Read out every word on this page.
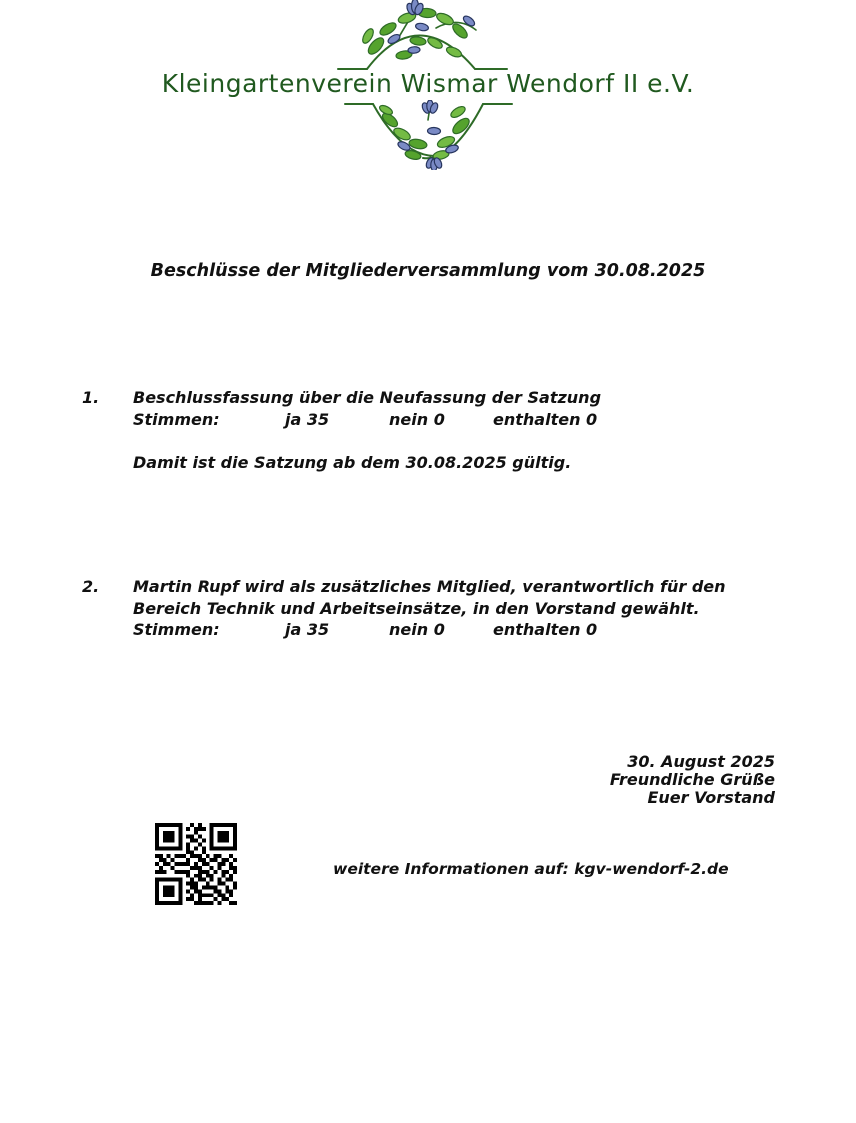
Kleingartenverein Wismar Wendorf II e.V.
Beschlüsse der Mitgliederversammlung vom 30.08.2025
1. Beschlussfassung über die Neufassung der Satzung
Stimmen:	ja 35	nein 0	enthalten 0
Damit ist die Satzung ab dem 30.08.2025 gültig.
2. Martin Rupf wird als zusätzliches Mitglied, verantwortlich für den
Bereich Technik und Arbeitseinsätze, in den Vorstand gewählt.
Stimmen:	ja 35	nein 0	enthalten 0
30. August 2025
Freundliche Grüße
Euer Vorstand
weitere Informationen auf: kgv-wendorf-2.de
